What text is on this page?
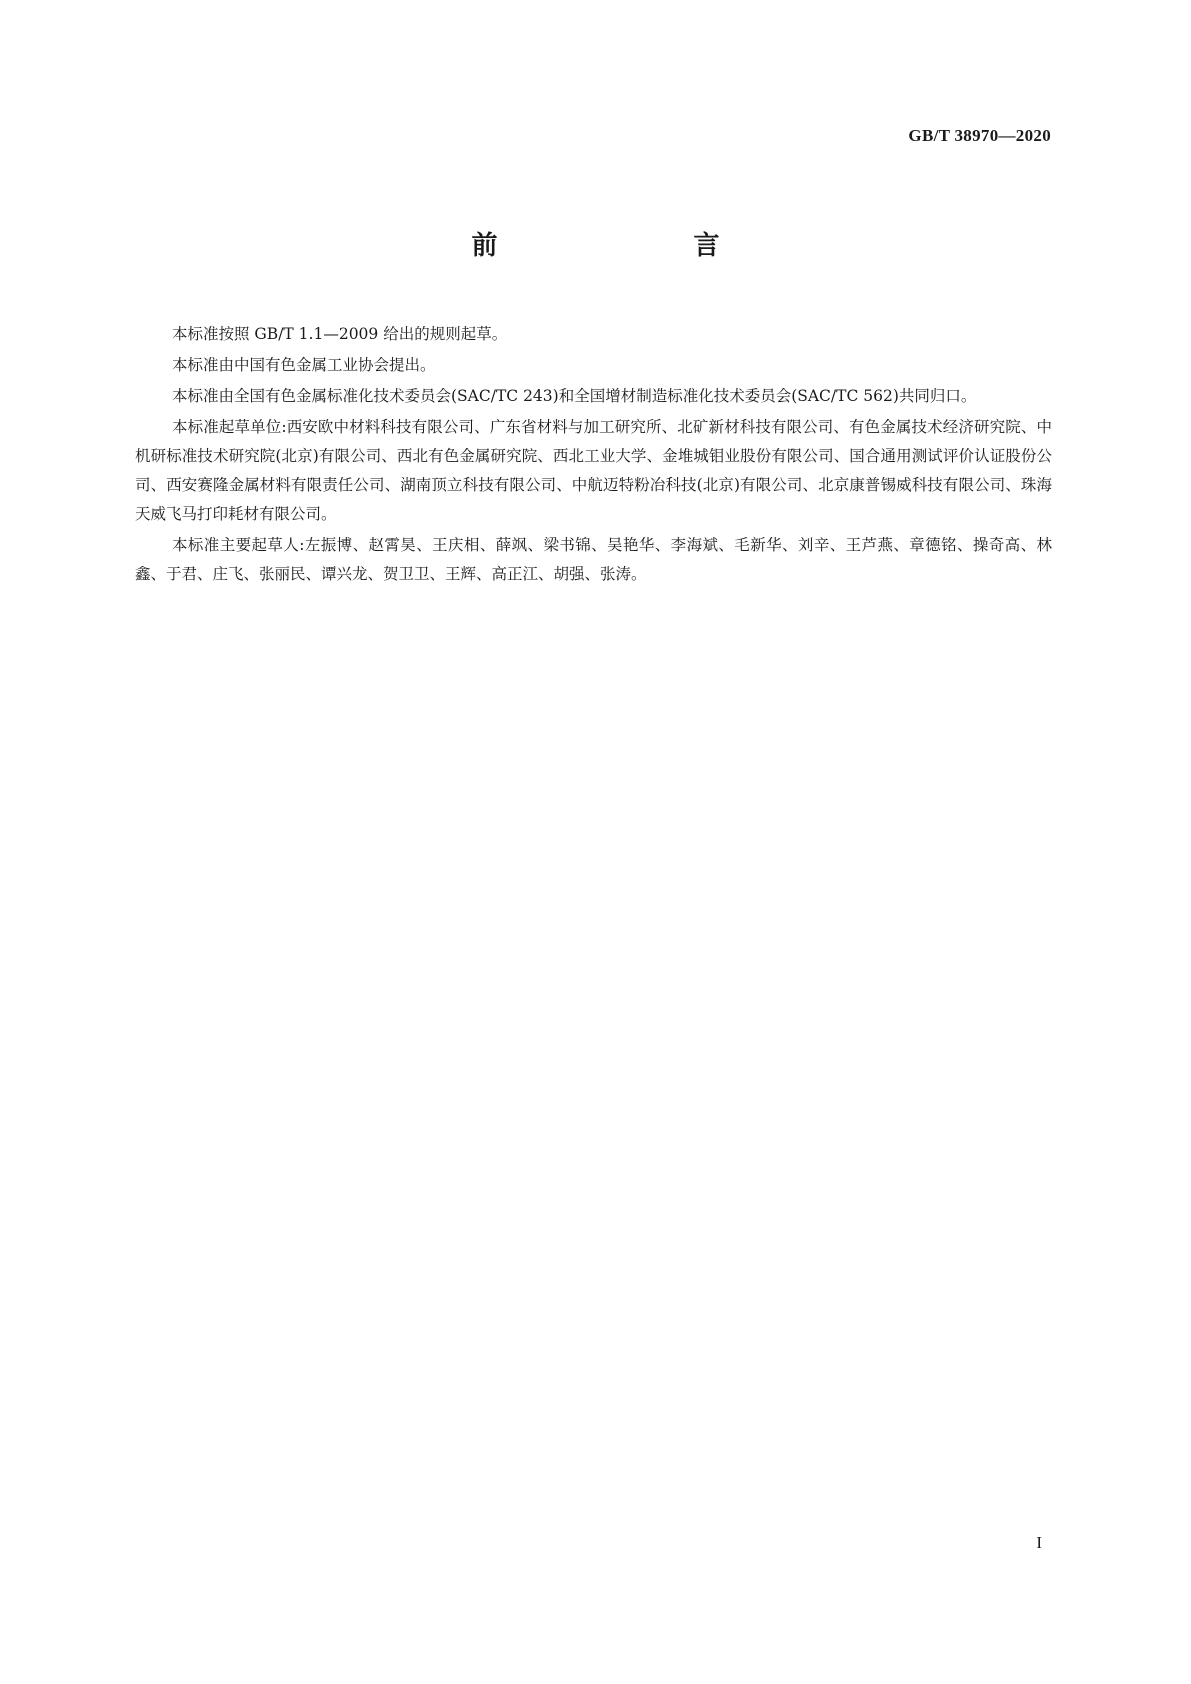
GB/T 38970—2020
前　　言

本标准按照 GB/T 1.1—2009 给出的规则起草。

本标准由中国有色金属工业协会提出。

本标准由全国有色金属标准化技术委员会(SAC/TC 243)和全国增材制造标准化技术委员会(SAC/TC 562)共同归口。

本标准起草单位:西安欧中材料科技有限公司、广东省材料与加工研究所、北矿新材科技有限公司、有色金属技术经济研究院、中机研标准技术研究院(北京)有限公司、西北有色金属研究院、西北工业大学、金堆城钼业股份有限公司、国合通用测试评价认证股份公司、西安赛隆金属材料有限责任公司、湖南顶立科技有限公司、中航迈特粉冶科技(北京)有限公司、北京康普锡威科技有限公司、珠海天威飞马打印耗材有限公司。

本标准主要起草人:左振博、赵霄昊、王庆相、薛飒、梁书锦、吴艳华、李海斌、毛新华、刘辛、王芦燕、章德铭、操奇高、林鑫、于君、庄飞、张丽民、谭兴龙、贺卫卫、王辉、高正江、胡强、张涛。

I
